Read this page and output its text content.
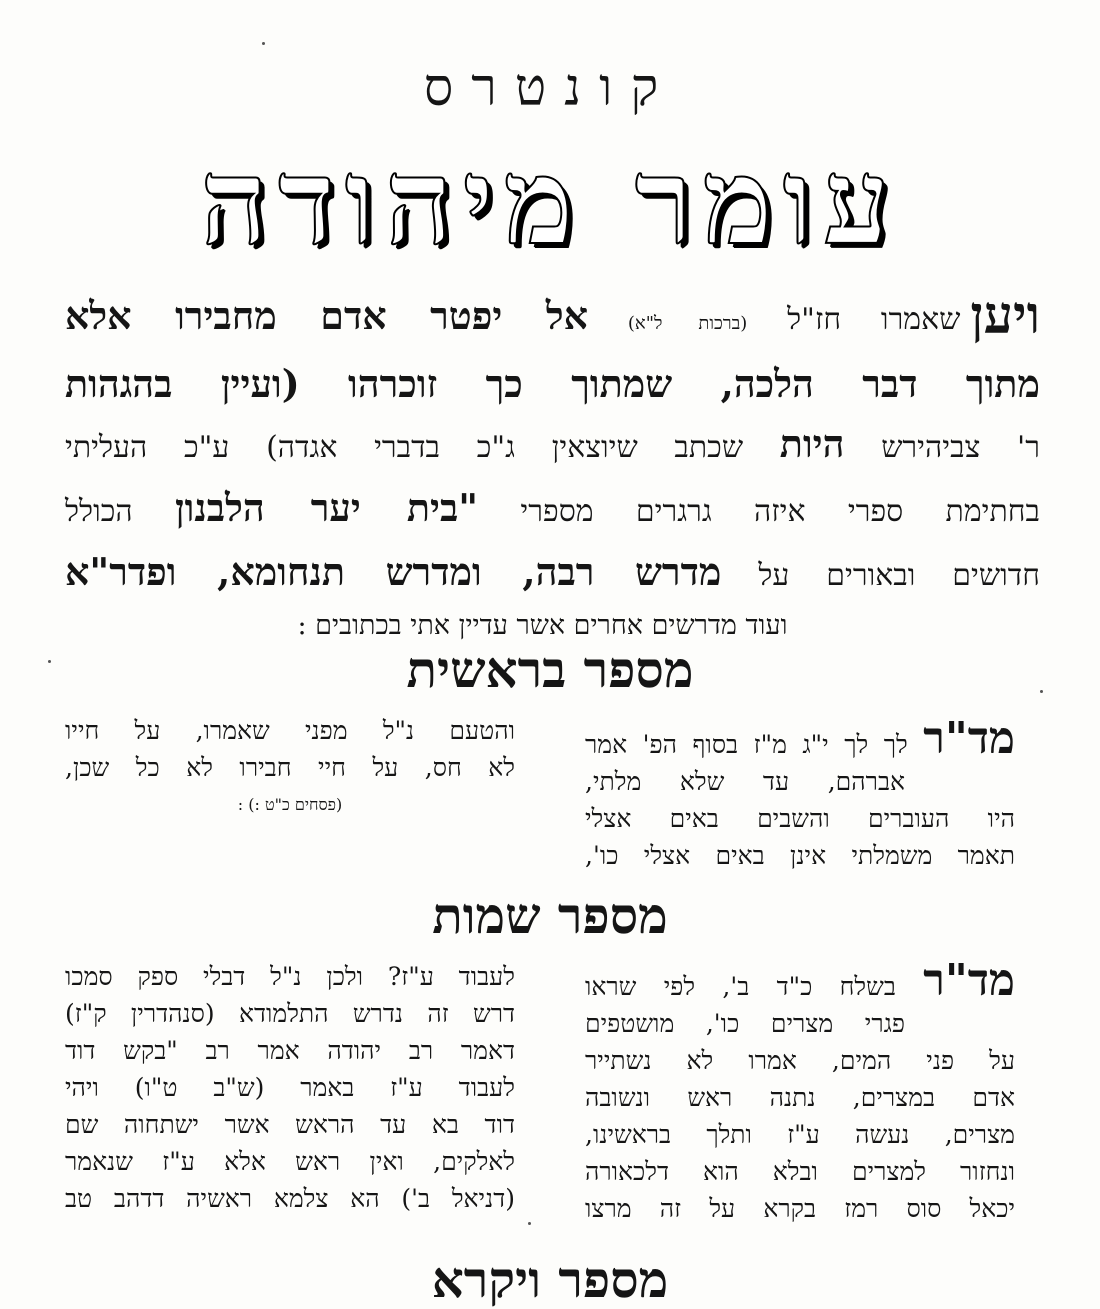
קונטרס
עומר מיהודה
ויען
שאמרו חז"ל (ברכות ל"א) אל יפטר אדם מחבירו אלא
מתוך דבר הלכה, שמתוך כך זוכרהו (ועיין בהגהות
ר' צביהירש היות שכתב שיוצאין ג"כ בדברי אגדה) ע"כ העליתי
בחתימת ספרי איזה גרגרים מספרי "בית יער הלבנון הכולל
חדושים ובאורים על מדרש רבה, ומדרש תנחומא, ופדר"א
ועוד מדרשים אחרים אשר עדיין אתי בכתובים :
מספר בראשית
מד"ר לך לך י"ג מ"ז בסוף הפ' אמר
אברהם, עד שלא מלתי,
היו העוברים והשבים באים אצלי
תאמר משמלתי אינן באים אצלי כו',
והטעם נ"ל מפני שאמרו, על חייו
לא חס, על חיי חבירו לא כל שכן,
(פסחים כ"ט :) :
מספר שמות
מד"ר בשלח כ"ד ב', לפי שראו
פגרי מצרים כו', מושטפים
על פני המים, אמרו לא נשתייר
אדם במצרים, נתנה ראש ונשובה
מצרים, נעשה ע"ז ותלך בראשינו,
ונחזור למצרים ובלא הוא דלכאורה
יכאל סוס רמז בקרא על זה מרצו
לעבוד ע"ז? ולכן נ"ל דבלי ספק סמכו
דרש זה נדרש התלמודא (סנהדרין ק"ז)
דאמר רב יהודה אמר רב "בקש דוד
לעבוד ע"ז באמר (ש"ב ט"ו) ויהי
דוד בא עד הראש אשר ישתחוה שם
לאלקים, ואין ראש אלא ע"ז שנאמר
(דניאל ב') הא צלמא ראשיה דדהב טב
מספר ויקרא
